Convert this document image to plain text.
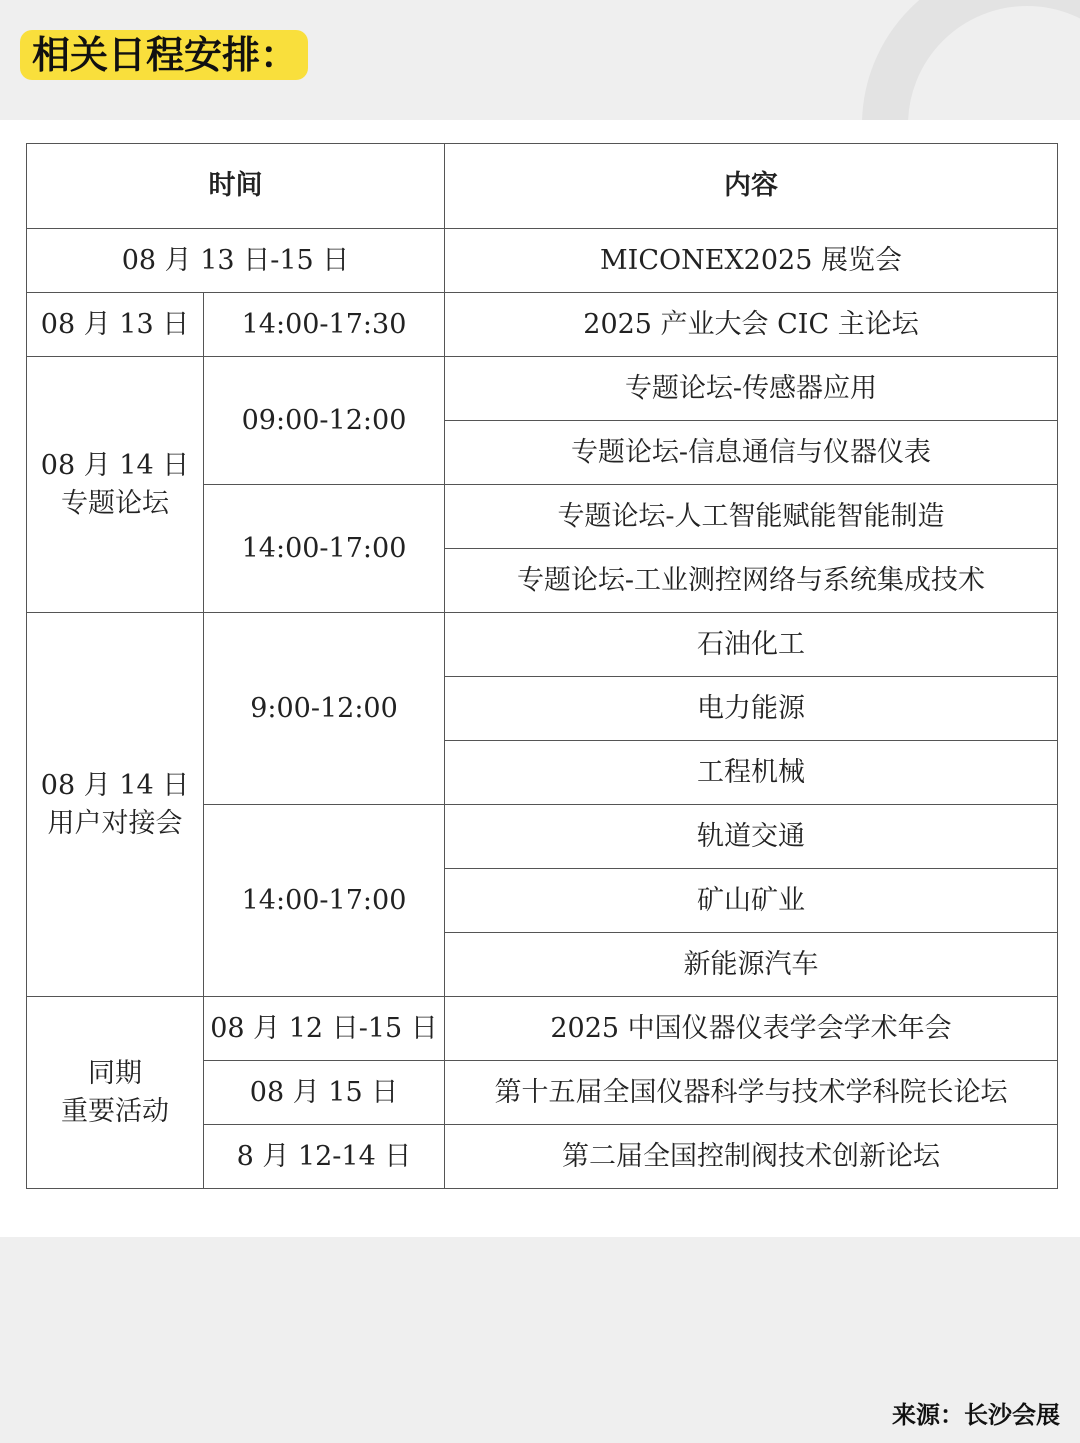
相关日程安排：
时间		内容
08 月 13 日-15 日		MICONEX2025 展览会
08 月 13 日	14:00-17:30	2025 产业大会 CIC 主论坛

08 月 14 日
专题论坛	09:00-12:00	专题论坛-传感器应用
		专题论坛-信息通信与仪器仪表
	14:00-17:00	专题论坛-人工智能赋能智能制造
		专题论坛-工业测控网络与系统集成技术

08 月 14 日
用户对接会	9:00-12:00	石油化工
		电力能源
		工程机械
	14:00-17:00	轨道交通
		矿山矿业
		新能源汽车

同期
重要活动	08 月 12 日-15 日	2025 中国仪器仪表学会学术年会
	08 月 15 日	第十五届全国仪器科学与技术学科院长论坛
	8 月 12-14 日	第二届全国控制阀技术创新论坛
来源：长沙会展
